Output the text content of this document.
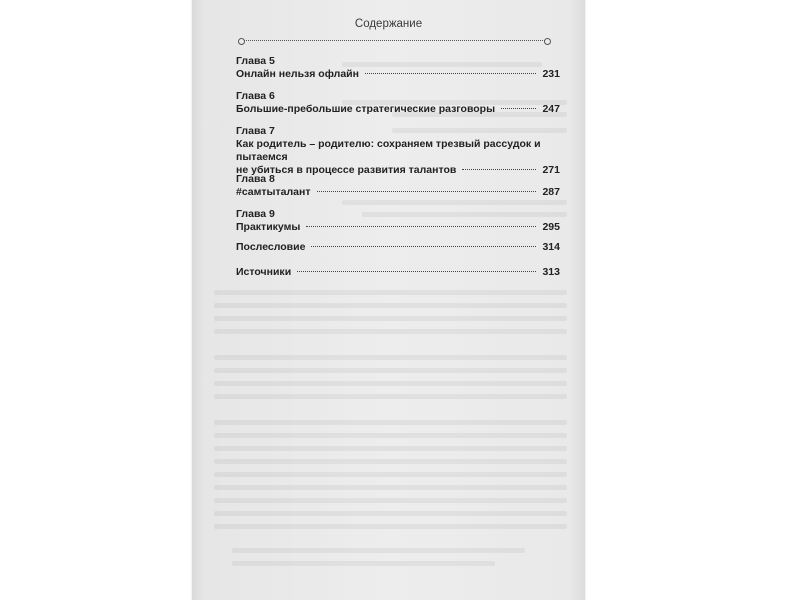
Содержание
Глава 5
Онлайн нельзя офлайн	231
Глава 6
Большие-пребольшие стратегические разговоры	247
Глава 7
Как родитель – родителю: сохраняем трезвый рассудок и пытаемся
не убиться в процессе развития талантов	271
Глава 8
#самтыталант	287
Глава 9
Практикумы	295
Послесловие	314
Источники	313
